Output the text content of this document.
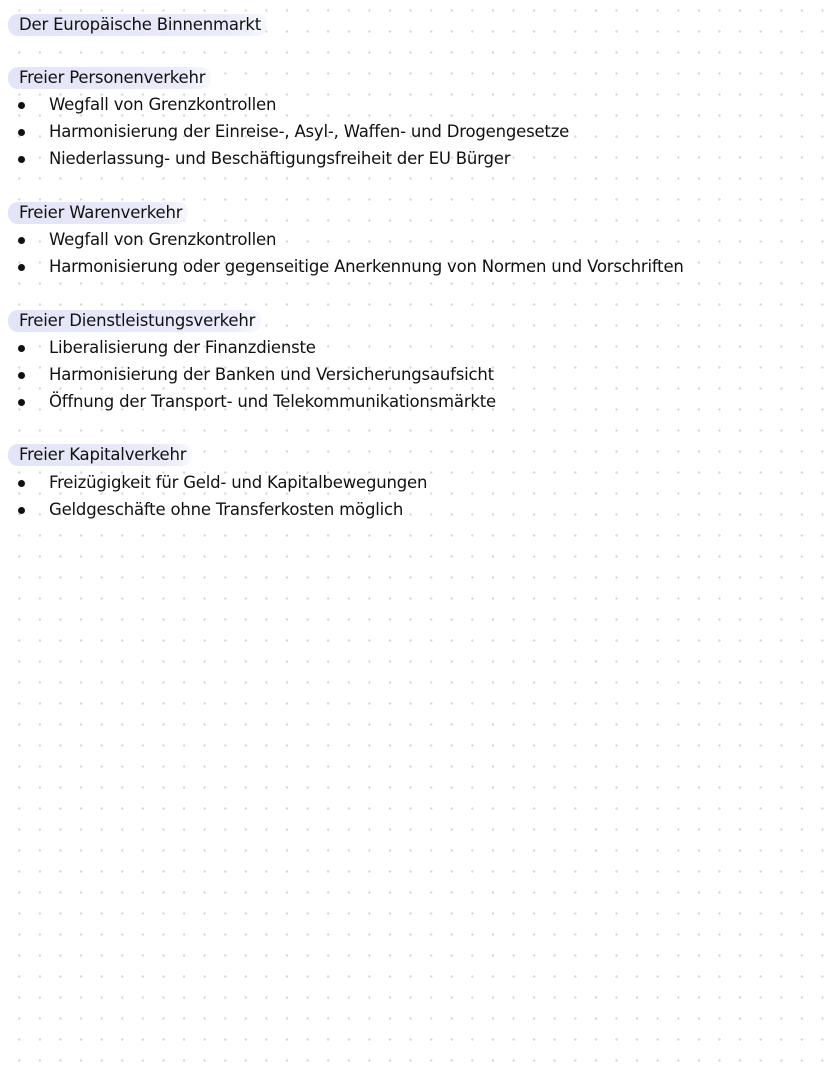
Der Europäische Binnenmarkt
Freier Personenverkehr
Wegfall von Grenzkontrollen
Harmonisierung der Einreise-, Asyl-, Waffen- und Drogengesetze
Niederlassung- und Beschäftigungsfreiheit der EU Bürger
Freier Warenverkehr
Wegfall von Grenzkontrollen
Harmonisierung oder gegenseitige Anerkennung von Normen und Vorschriften
Freier Dienstleistungsverkehr
Liberalisierung der Finanzdienste
Harmonisierung der Banken und Versicherungsaufsicht
Öffnung der Transport- und Telekommunikationsmärkte
Freier Kapitalverkehr
Freizügigkeit für Geld- und Kapitalbewegungen
Geldgeschäfte ohne Transferkosten möglich
